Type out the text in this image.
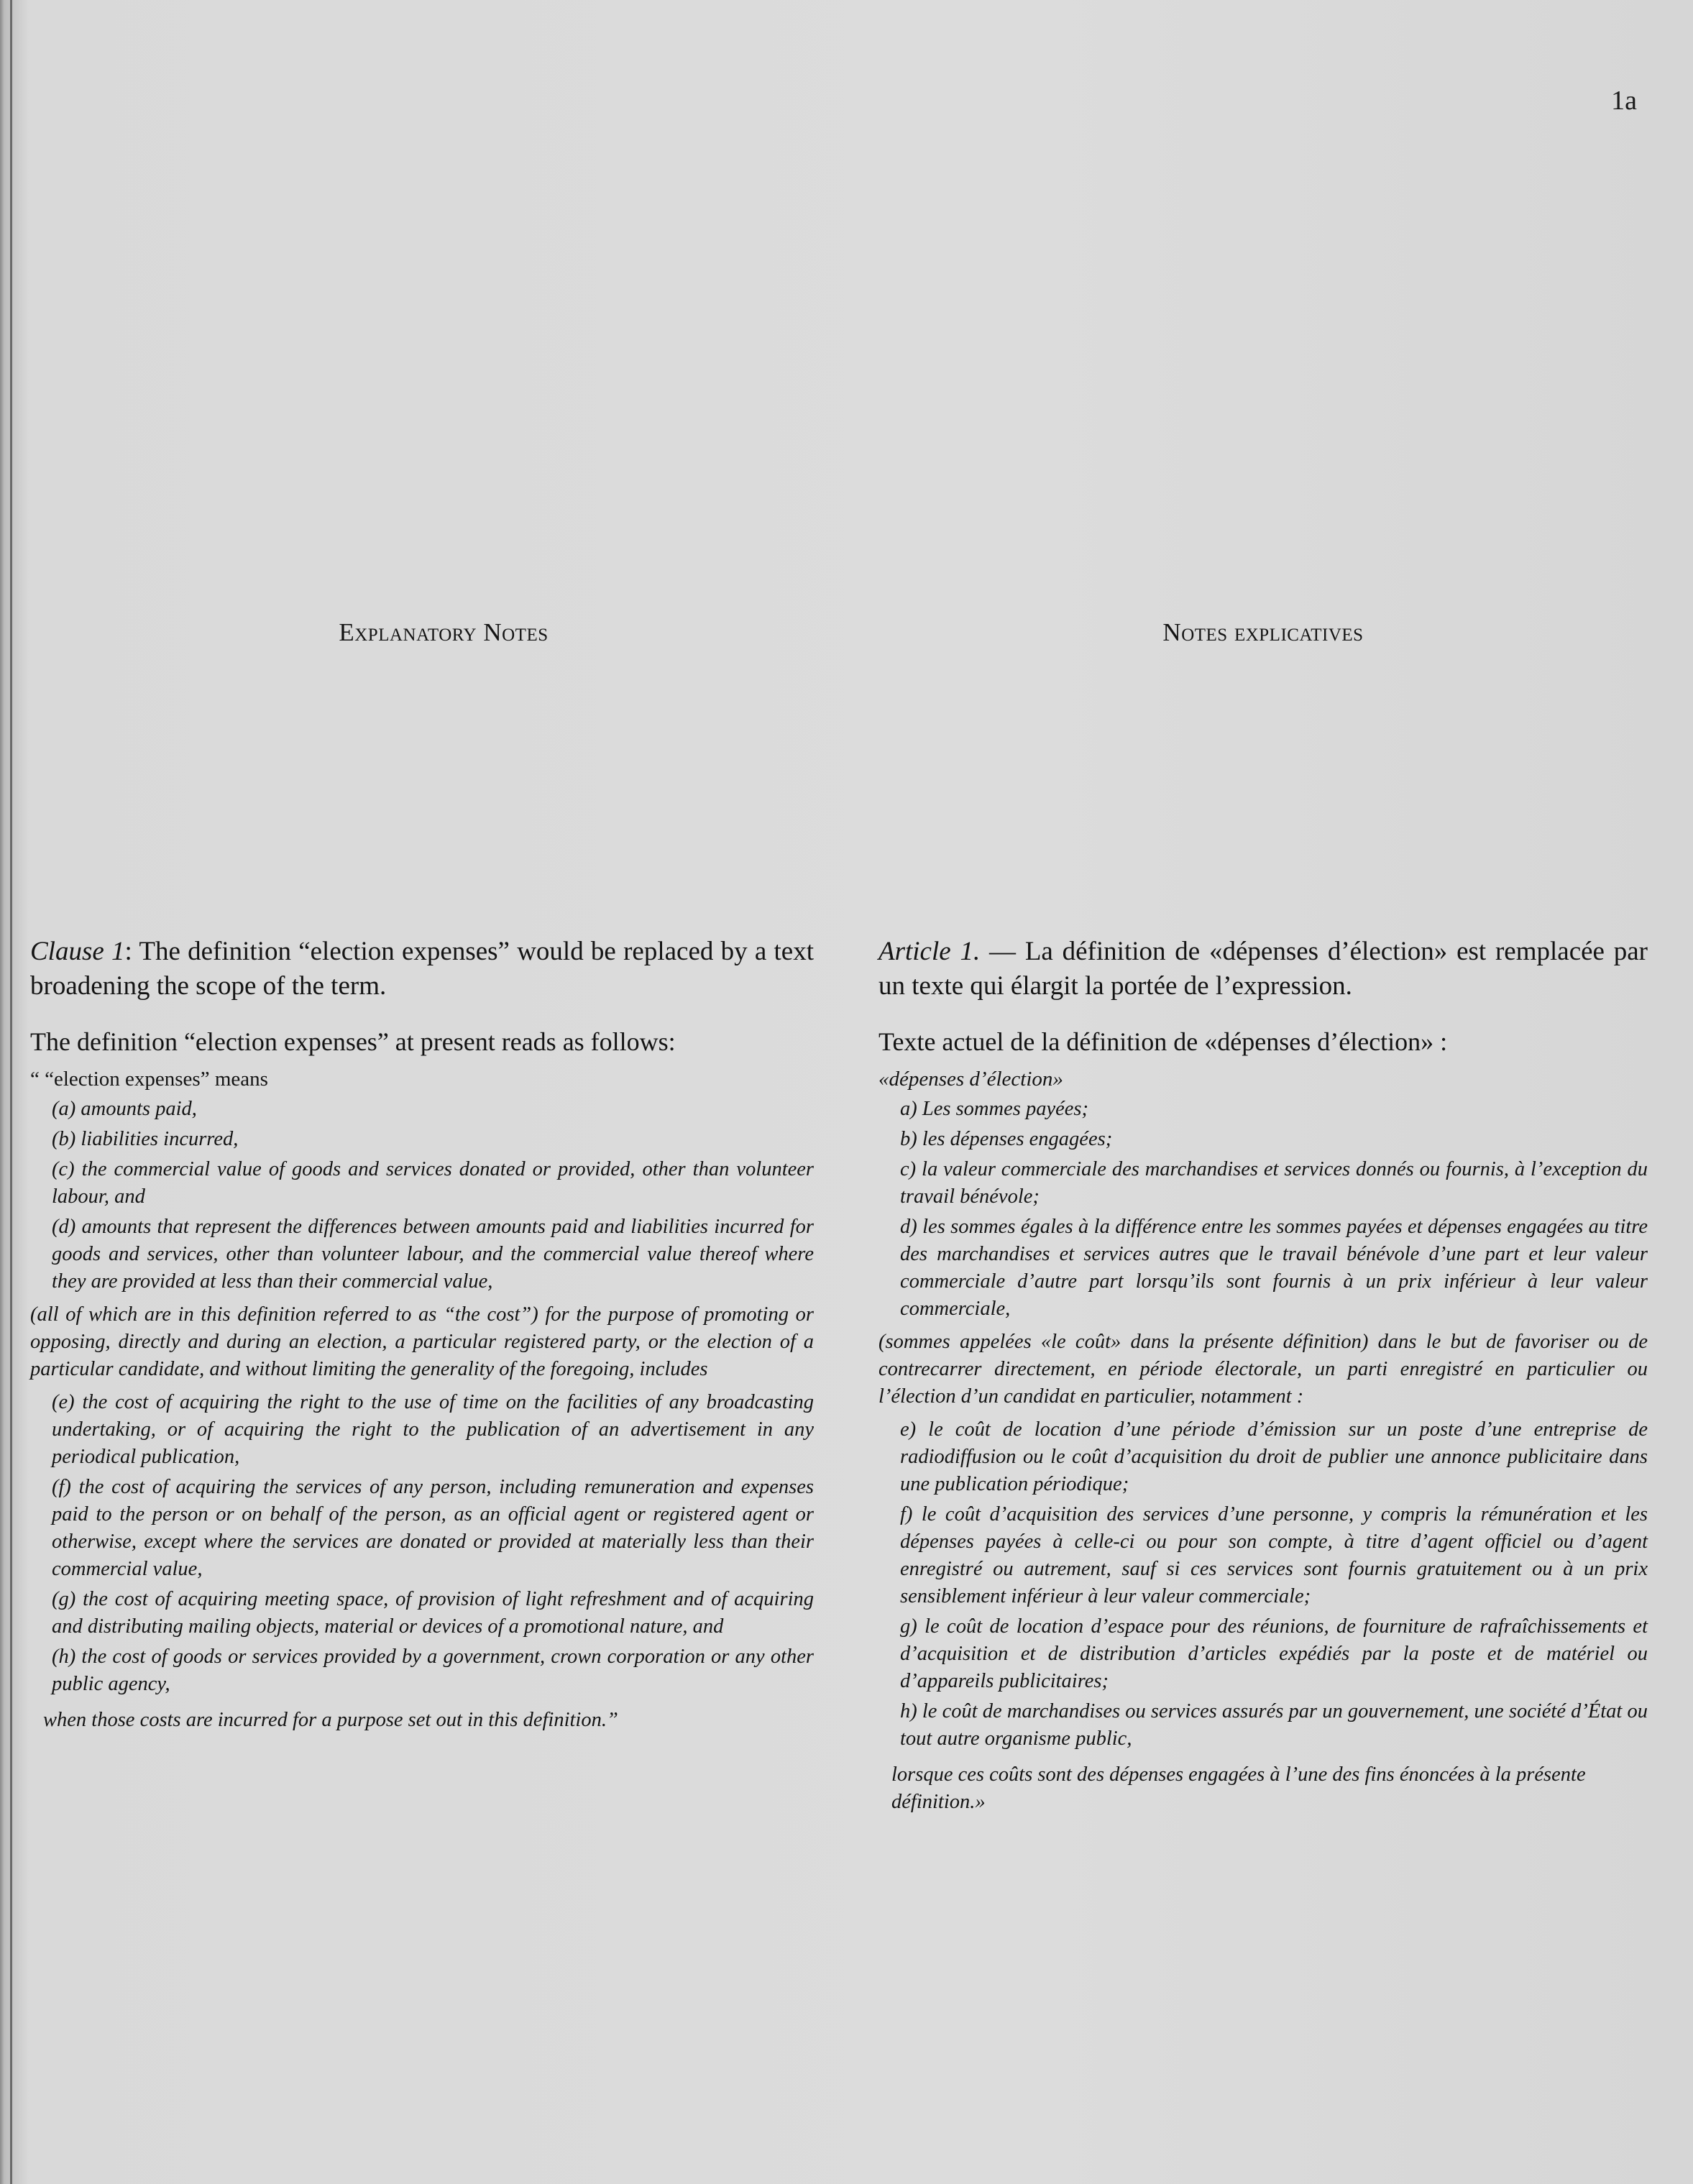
1a
Explanatory Notes

Clause 1: The definition “election expenses” would be replaced by a text broadening the scope of the term.

The definition “election expenses” at present reads as follows:

“ “election expenses” means

(a) amounts paid,

(b) liabilities incurred,

(c) the commercial value of goods and services donated or provided, other than volunteer labour, and

(d) amounts that represent the differences between amounts paid and liabilities incurred for goods and services, other than volunteer labour, and the commercial value thereof where they are provided at less than their commercial value,

(all of which are in this definition referred to as “the cost”) for the purpose of promoting or opposing, directly and during an election, a particular registered party, or the election of a particular candidate, and without limiting the generality of the foregoing, includes

(e) the cost of acquiring the right to the use of time on the facilities of any broadcasting undertaking, or of acquiring the right to the publication of an advertisement in any periodical publication,

(f) the cost of acquiring the services of any person, including remuneration and expenses paid to the person or on behalf of the person, as an official agent or registered agent or otherwise, except where the services are donated or provided at materially less than their commercial value,

(g) the cost of acquiring meeting space, of provision of light refreshment and of acquiring and distributing mailing objects, material or devices of a promotional nature, and

(h) the cost of goods or services provided by a government, crown corporation or any other public agency,

when those costs are incurred for a purpose set out in this definition.”

Notes explicatives

Article 1. — La définition de «dépenses d’élection» est remplacée par un texte qui élargit la portée de l’expression.

Texte actuel de la définition de «dépenses d’élection» :

«dépenses d’élection»

a) Les sommes payées;

b) les dépenses engagées;

c) la valeur commerciale des marchandises et services donnés ou fournis, à l’exception du travail bénévole;

d) les sommes égales à la différence entre les sommes payées et dépenses engagées au titre des marchandises et services autres que le travail bénévole d’une part et leur valeur commerciale d’autre part lorsqu’ils sont fournis à un prix inférieur à leur valeur commerciale,

(sommes appelées «le coût» dans la présente définition) dans le but de favoriser ou de contrecarrer directement, en période électorale, un parti enregistré en particulier ou l’élection d’un candidat en particulier, notamment :

e) le coût de location d’une période d’émission sur un poste d’une entreprise de radiodiffusion ou le coût d’acquisition du droit de publier une annonce publicitaire dans une publication périodique;

f) le coût d’acquisition des services d’une personne, y compris la rémunération et les dépenses payées à celle-ci ou pour son compte, à titre d’agent officiel ou d’agent enregistré ou autrement, sauf si ces services sont fournis gratuitement ou à un prix sensiblement inférieur à leur valeur commerciale;

g) le coût de location d’espace pour des réunions, de fourniture de rafraîchissements et d’acquisition et de distribution d’articles expédiés par la poste et de matériel ou d’appareils publicitaires;

h) le coût de marchandises ou services assurés par un gouvernement, une société d’État ou tout autre organisme public,

lorsque ces coûts sont des dépenses engagées à l’une des fins énoncées à la présente définition.»
